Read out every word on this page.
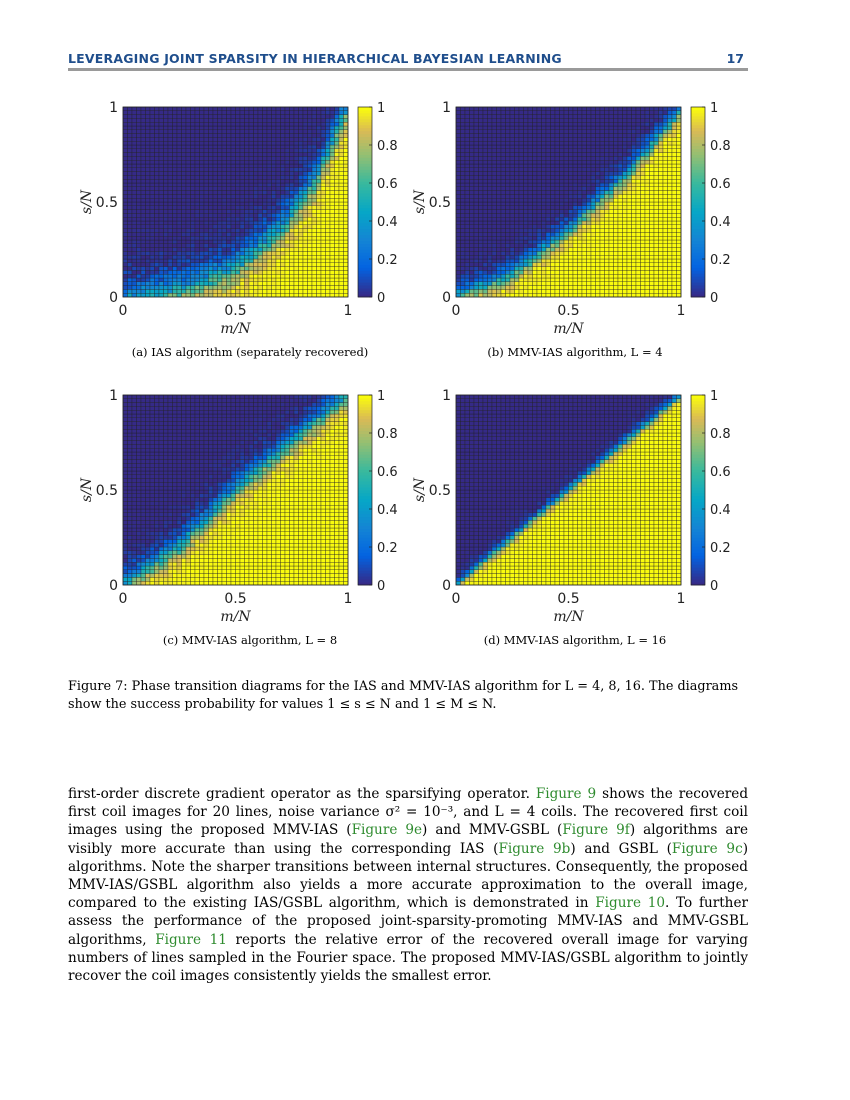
LEVERAGING JOINT SPARSITY IN HIERARCHICAL BAYESIAN LEARNING	17
0	0.5	1
0
0.5
1
m/N
s/N
0
0.2
0.4
0.6
0.8
1
(a) IAS algorithm (separately recovered)
0	0.5	1
0
0.5
1
m/N
s/N
0
0.2
0.4
0.6
0.8
1
(b) MMV-IAS algorithm, L = 4
0	0.5	1
0
0.5
1
m/N
s/N
0
0.2
0.4
0.6
0.8
1
(c) MMV-IAS algorithm, L = 8
0	0.5	1
0
0.5
1
m/N
s/N
0
0.2
0.4
0.6
0.8
1
(d) MMV-IAS algorithm, L = 16
Figure 7: Phase transition diagrams for the IAS and MMV-IAS algorithm for L = 4, 8, 16. The diagrams show the success probability for values 1 ≤ s ≤ N and 1 ≤ M ≤ N.

first-order discrete gradient operator as the sparsifying operator. Figure 9 shows the recovered first coil images for 20 lines, noise variance σ² = 10⁻³, and L = 4 coils. The recovered first coil images using the proposed MMV-IAS (Figure 9e) and MMV-GSBL (Figure 9f) algorithms are visibly more accurate than using the corresponding IAS (Figure 9b) and GSBL (Figure 9c) algorithms. Note the sharper transitions between internal structures. Consequently, the proposed MMV-IAS/GSBL algorithm also yields a more accurate approximation to the overall image, compared to the existing IAS/GSBL algorithm, which is demonstrated in Figure 10. To further assess the performance of the proposed joint-sparsity-promoting MMV-IAS and MMV-GSBL algorithms, Figure 11 reports the relative error of the recovered overall image for varying numbers of lines sampled in the Fourier space. The proposed MMV-IAS/GSBL algorithm to jointly recover the coil images consistently yields the smallest error.
